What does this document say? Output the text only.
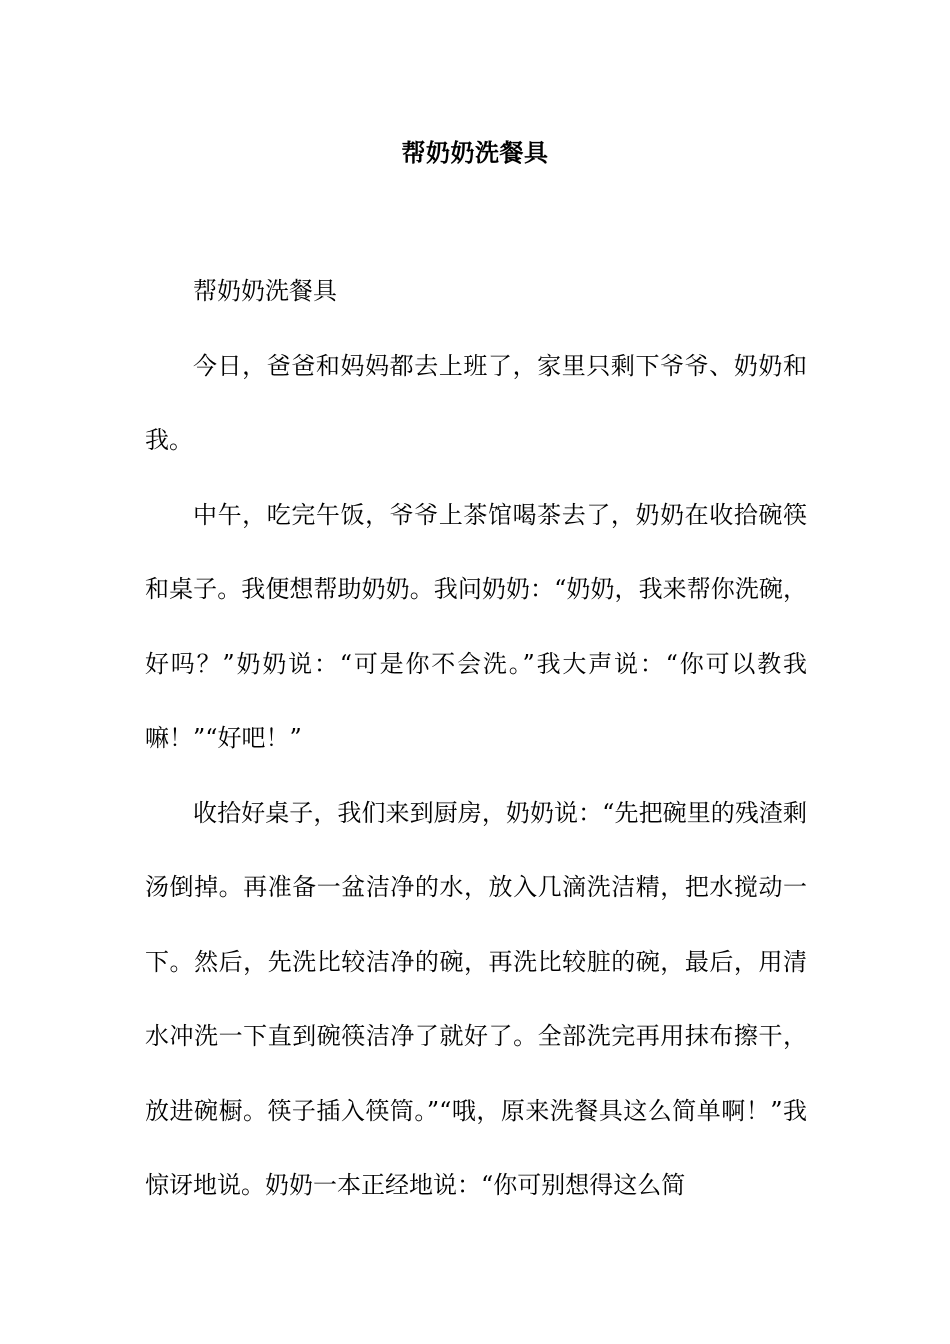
帮奶奶洗餐具

帮奶奶洗餐具

今日，爸爸和妈妈都去上班了，家里只剩下爷爷、奶奶和我。

中午，吃完午饭，爷爷上茶馆喝茶去了，奶奶在收拾碗筷和桌子。我便想帮助奶奶。我问奶奶：“奶奶，我来帮你洗碗，好吗？”奶奶说：“可是你不会洗。”我大声说：“你可以教我嘛！”“好吧！”

收拾好桌子，我们来到厨房，奶奶说：“先把碗里的残渣剩汤倒掉。再准备一盆洁净的水，放入几滴洗洁精，把水搅动一下。然后，先洗比较洁净的碗，再洗比较脏的碗，最后，用清水冲洗一下直到碗筷洁净了就好了。全部洗完再用抹布擦干，放进碗橱。筷子插入筷筒。”“哦，原来洗餐具这么简单啊！”我惊讶地说。奶奶一本正经地说：“你可别想得这么简
